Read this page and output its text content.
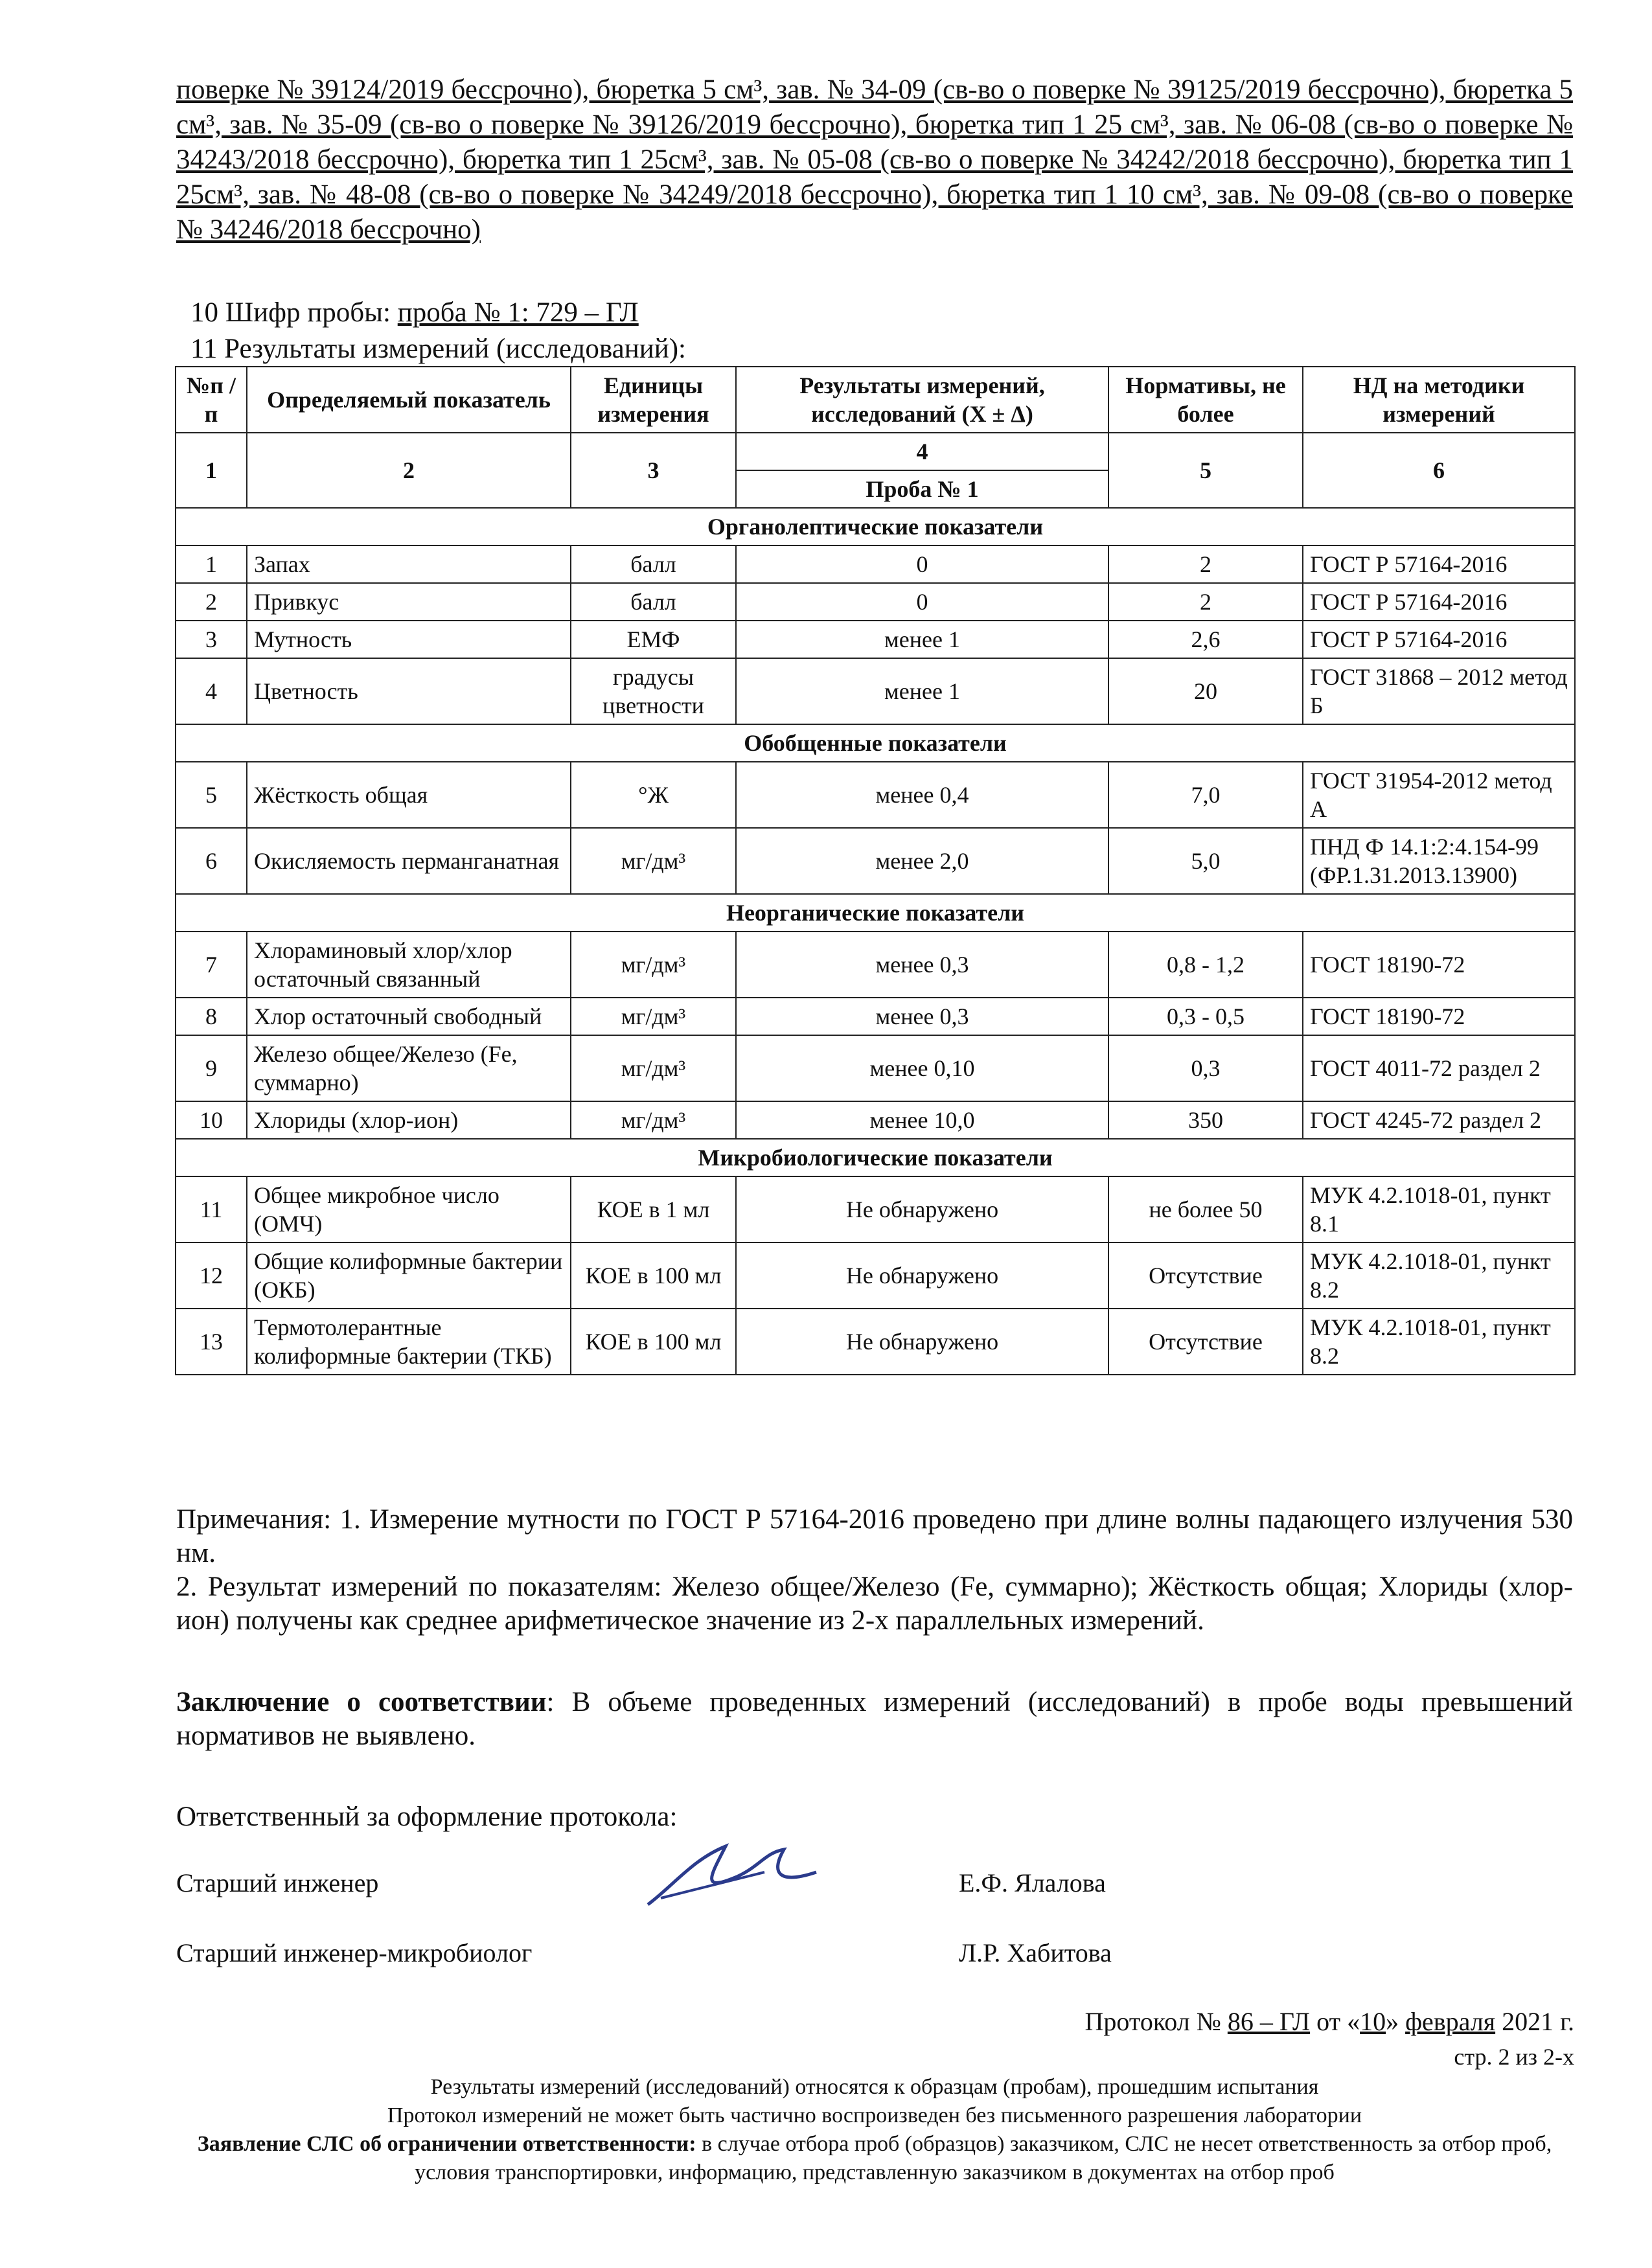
поверке № 39124/2019 бессрочно), бюретка 5 см³, зав. № 34-09 (св-во о поверке № 39125/2019 бессрочно), бюретка 5 см³, зав. № 35-09 (св-во о поверке № 39126/2019 бессрочно), бюретка тип 1 25 см³, зав. № 06-08 (св-во о поверке № 34243/2018 бессрочно), бюретка тип 1 25см³, зав. № 05-08 (св-во о поверке № 34242/2018 бессрочно), бюретка тип 1 25см³, зав. № 48-08 (св-во о поверке № 34249/2018 бессрочно), бюретка тип 1 10 см³, зав. № 09-08 (св-во о поверке № 34246/2018 бессрочно)
10 Шифр пробы: проба № 1: 729 – ГЛ
11 Результаты измерений (исследований):
№п /п	Определяемый показатель	Единицы измерения	Результаты измерений, исследований (Х ± Δ)	Нормативы, не более	НД на методики измерений

1	2	3	4	5	6
			Проба № 1		
Органолептические показатели					
1	Запах	балл	0	2	ГОСТ Р 57164-2016
2	Привкус	балл	0	2	ГОСТ Р 57164-2016
3	Мутность	ЕМФ	менее 1	2,6	ГОСТ Р 57164-2016
4	Цветность	градусы цветности	менее 1	20	ГОСТ 31868 – 2012 метод Б
Обобщенные показатели					
5	Жёсткость общая	°Ж	менее 0,4	7,0	ГОСТ 31954-2012 метод А
6	Окисляемость перманганатная	мг/дм³	менее 2,0	5,0	ПНД Ф 14.1:2:4.154-99 (ФР.1.31.2013.13900)
Неорганические показатели					
7	Хлораминовый хлор/хлор остаточный связанный	мг/дм³	менее 0,3	0,8 - 1,2	ГОСТ 18190-72
8	Хлор остаточный свободный	мг/дм³	менее 0,3	0,3 - 0,5	ГОСТ 18190-72
9	Железо общее/Железо (Fe, суммарно)	мг/дм³	менее 0,10	0,3	ГОСТ 4011-72 раздел 2
10	Хлориды (хлор-ион)	мг/дм³	менее 10,0	350	ГОСТ 4245-72 раздел 2
Микробиологические показатели					
11	Общее микробное число (ОМЧ)	КОЕ в 1 мл	Не обнаружено	не более 50	МУК 4.2.1018-01, пункт 8.1
12	Общие колиформные бактерии (ОКБ)	КОЕ в 100 мл	Не обнаружено	Отсутствие	МУК 4.2.1018-01, пункт 8.2
13	Термотолерантные колиформные бактерии (ТКБ)	КОЕ в 100 мл	Не обнаружено	Отсутствие	МУК 4.2.1018-01, пункт 8.2
Примечания: 1. Измерение мутности по ГОСТ Р 57164-2016 проведено при длине волны падающего излучения 530 нм.
2. Результат измерений по показателям: Железо общее/Железо (Fe, суммарно); Жёсткость общая; Хлориды (хлор-ион) получены как среднее арифметическое значение из 2-х параллельных измерений.
Заключение о соответствии: В объеме проведенных измерений (исследований) в пробе воды превышений нормативов не выявлено.
Ответственный за оформление протокола:
Старший инженер	Е.Ф. Ялалова
Старший инженер-микробиолог	Л.Р. Хабитова
Протокол № 86 – ГЛ от «10» февраля 2021 г.
стр. 2 из 2-х
Результаты измерений (исследований) относятся к образцам (пробам), прошедшим испытания
Протокол измерений не может быть частично воспроизведен без письменного разрешения лаборатории
Заявление СЛС об ограничении ответственности: в случае отбора проб (образцов) заказчиком, СЛС не несет ответственность за отбор проб, условия транспортировки, информацию, представленную заказчиком в документах на отбор проб
